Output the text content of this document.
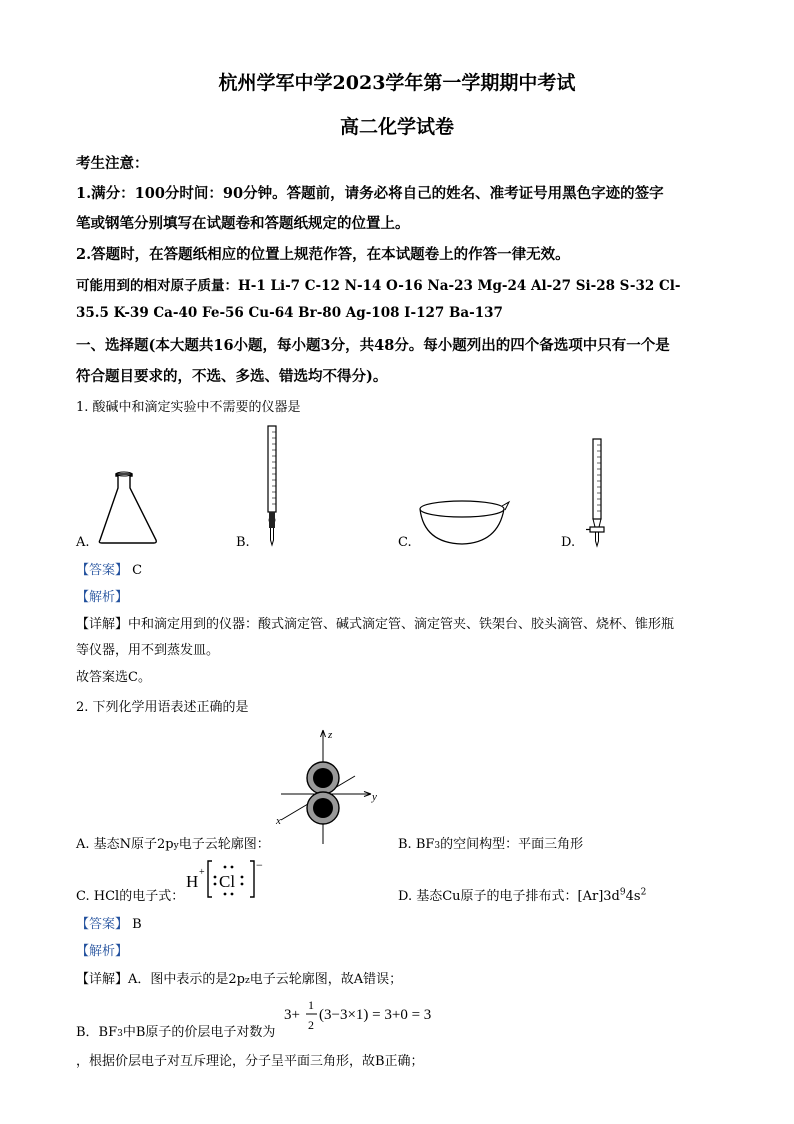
杭州学军中学2023学年第一学期期中考试
高二化学试卷
考生注意：
1.满分：100分时间：90分钟。答题前，请务必将自己的姓名、准考证号用黑色字迹的签字
笔或钢笔分别填写在试题卷和答题纸规定的位置上。
2.答题时，在答题纸相应的位置上规范作答，在本试题卷上的作答一律无效。
可能用到的相对原子质量：H-1 Li-7 C-12 N-14 O-16 Na-23 Mg-24 Al-27 Si-28 S-32 Cl-
35.5 K-39 Ca-40 Fe-56 Cu-64 Br-80 Ag-108 I-127 Ba-137
一、选择题(本大题共16小题，每小题3分，共48分。每小题列出的四个备选项中只有一个是
符合题目要求的，不选、多选、错选均不得分)。
1. 酸碱中和滴定实验中不需要的仪器是
A.	B.	C.	D.
【答案】 C
【解析】
【详解】中和滴定用到的仪器：酸式滴定管、碱式滴定管、滴定管夹、铁架台、胶头滴管、烧杯、锥形瓶
等仪器，用不到蒸发皿。
故答案选C。
2. 下列化学用语表述正确的是
z
y
x
A. 基态N原子2py电子云轮廓图：	B. BF3的空间构型：平面三角形
C. HCl的电子式：
H + Cl
−
D. 基态Cu原子的电子排布式：$[Ar]3d^94s^2$
【答案】 B
【解析】
【详解】A．图中表示的是2pz电子云轮廓图，故A错误；
B．BF3中B原子的价层电子对数为
3+
1
2
(3−3×1) = 3+0 = 3
，根据价层电子对互斥理论，分子呈平面三角形，故B正确；
